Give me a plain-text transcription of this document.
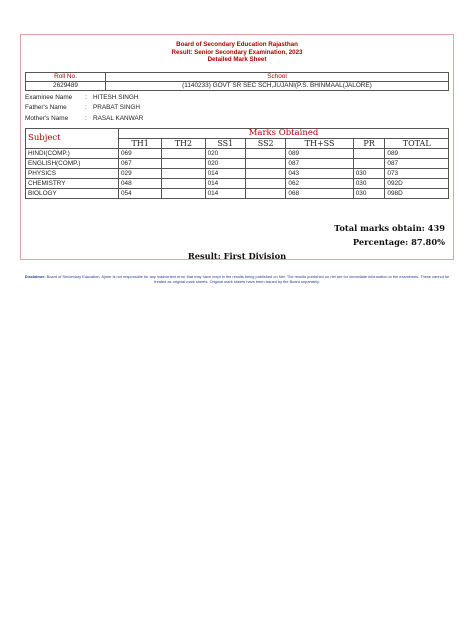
Board of Secondary Education Rajasthan
Result: Senior Secondary Examination, 2023
Detailed Mark Sheet
Roll No.	School
2629489	(1140233) GOVT SR SEC SCH,JUJANI(P.S. BHINMAAL(JALORE)
Examinee Name : HITESH SINGH
Father's Name	: PRABAT SINGH
Mother's Name	: RASAL KANWAR
Subject	Marks Obtained						
	TH1	TH2	SS1	SS2	TH+SS	PR	TOTAL
HINDI(COMP.)	069		020		089		089
ENGLISH(COMP.)	067		020		087		087
PHYSICS	029		014		043	030	073
CHEMISTRY	048		014		062	030	092D
BIOLOGY	054		014		068	030	098D
Total marks obtain: 439
Percentage: 87.80%
Result: First Division
Disclaimer: Board of Secondary Education, Ajmer is not responsible for any inadvertent error that may have crept in the results being published on Net. The results published on net are for immediate information to the examinees. These cannot be treated as original mark sheets. Original mark sheets have been issued by the Board separately.
